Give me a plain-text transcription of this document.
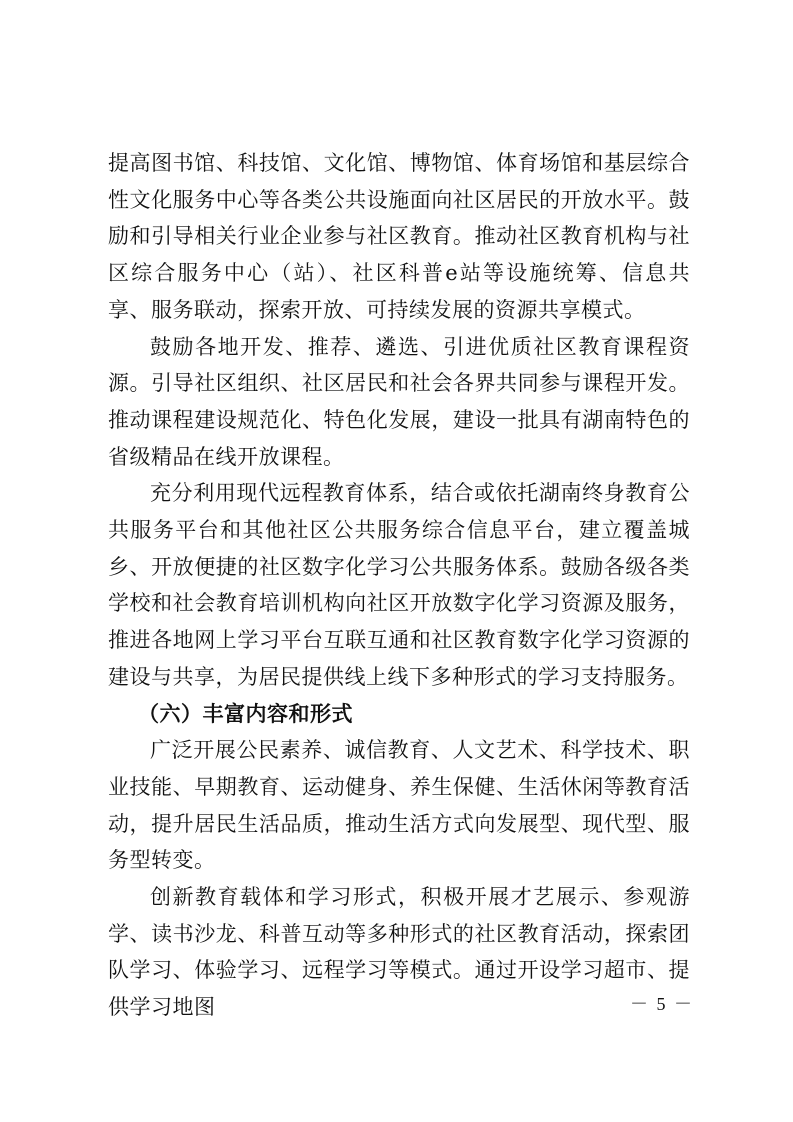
提高图书馆、科技馆、文化馆、博物馆、体育场馆和基层综合性文化服务中心等各类公共设施面向社区居民的开放水平。鼓励和引导相关行业企业参与社区教育。推动社区教育机构与社区综合服务中心（站）、社区科普e站等设施统筹、信息共享、服务联动，探索开放、可持续发展的资源共享模式。

鼓励各地开发、推荐、遴选、引进优质社区教育课程资源。引导社区组织、社区居民和社会各界共同参与课程开发。推动课程建设规范化、特色化发展，建设一批具有湖南特色的省级精品在线开放课程。

充分利用现代远程教育体系，结合或依托湖南终身教育公共服务平台和其他社区公共服务综合信息平台，建立覆盖城乡、开放便捷的社区数字化学习公共服务体系。鼓励各级各类学校和社会教育培训机构向社区开放数字化学习资源及服务，推进各地网上学习平台互联互通和社区教育数字化学习资源的建设与共享，为居民提供线上线下多种形式的学习支持服务。

（六）丰富内容和形式

广泛开展公民素养、诚信教育、人文艺术、科学技术、职业技能、早期教育、运动健身、养生保健、生活休闲等教育活动，提升居民生活品质，推动生活方式向发展型、现代型、服务型转变。

创新教育载体和学习形式，积极开展才艺展示、参观游学、读书沙龙、科普互动等多种形式的社区教育活动，探索团队学习、体验学习、远程学习等模式。通过开设学习超市、提供学习地图	－ 5 －
